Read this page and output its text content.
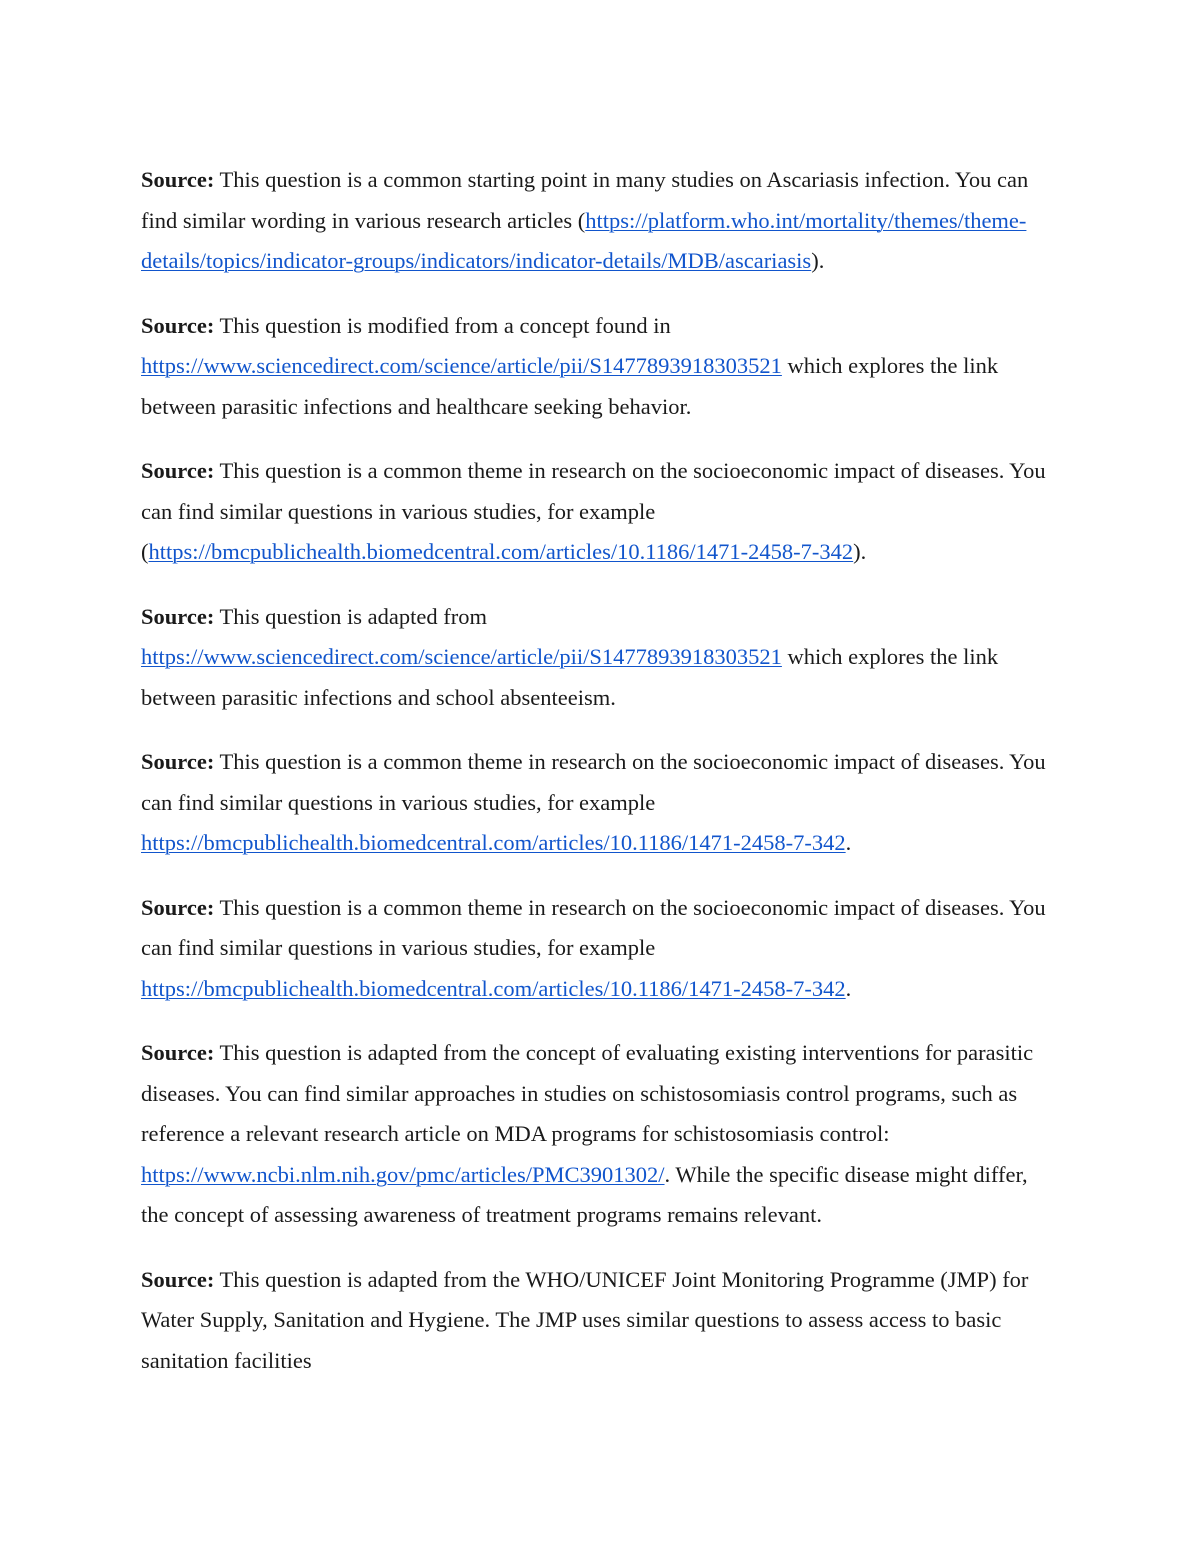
Source: This question is a common starting point in many studies on Ascariasis infection. You can find similar wording in various research articles (https://platform.who.int/mortality/themes/theme-details/topics/indicator-groups/indicators/indicator-details/MDB/ascariasis).

Source: This question is modified from a concept found in
https://www.sciencedirect.com/science/article/pii/S1477893918303521 which explores the link between parasitic infections and healthcare seeking behavior.

Source: This question is a common theme in research on the socioeconomic impact of diseases. You can find similar questions in various studies, for example (https://bmcpublichealth.biomedcentral.com/articles/10.1186/1471-2458-7-342).

Source: This question is adapted from
https://www.sciencedirect.com/science/article/pii/S1477893918303521 which explores the link between parasitic infections and school absenteeism.

Source: This question is a common theme in research on the socioeconomic impact of diseases. You can find similar questions in various studies, for example
https://bmcpublichealth.biomedcentral.com/articles/10.1186/1471-2458-7-342.

Source: This question is a common theme in research on the socioeconomic impact of diseases. You can find similar questions in various studies, for example
https://bmcpublichealth.biomedcentral.com/articles/10.1186/1471-2458-7-342.

Source: This question is adapted from the concept of evaluating existing interventions for parasitic diseases. You can find similar approaches in studies on schistosomiasis control programs, such as reference a relevant research article on MDA programs for schistosomiasis control: https://www.ncbi.nlm.nih.gov/pmc/articles/PMC3901302/. While the specific disease might differ, the concept of assessing awareness of treatment programs remains relevant.

Source: This question is adapted from the WHO/UNICEF Joint Monitoring Programme (JMP) for Water Supply, Sanitation and Hygiene. The JMP uses similar questions to assess access to basic sanitation facilities
